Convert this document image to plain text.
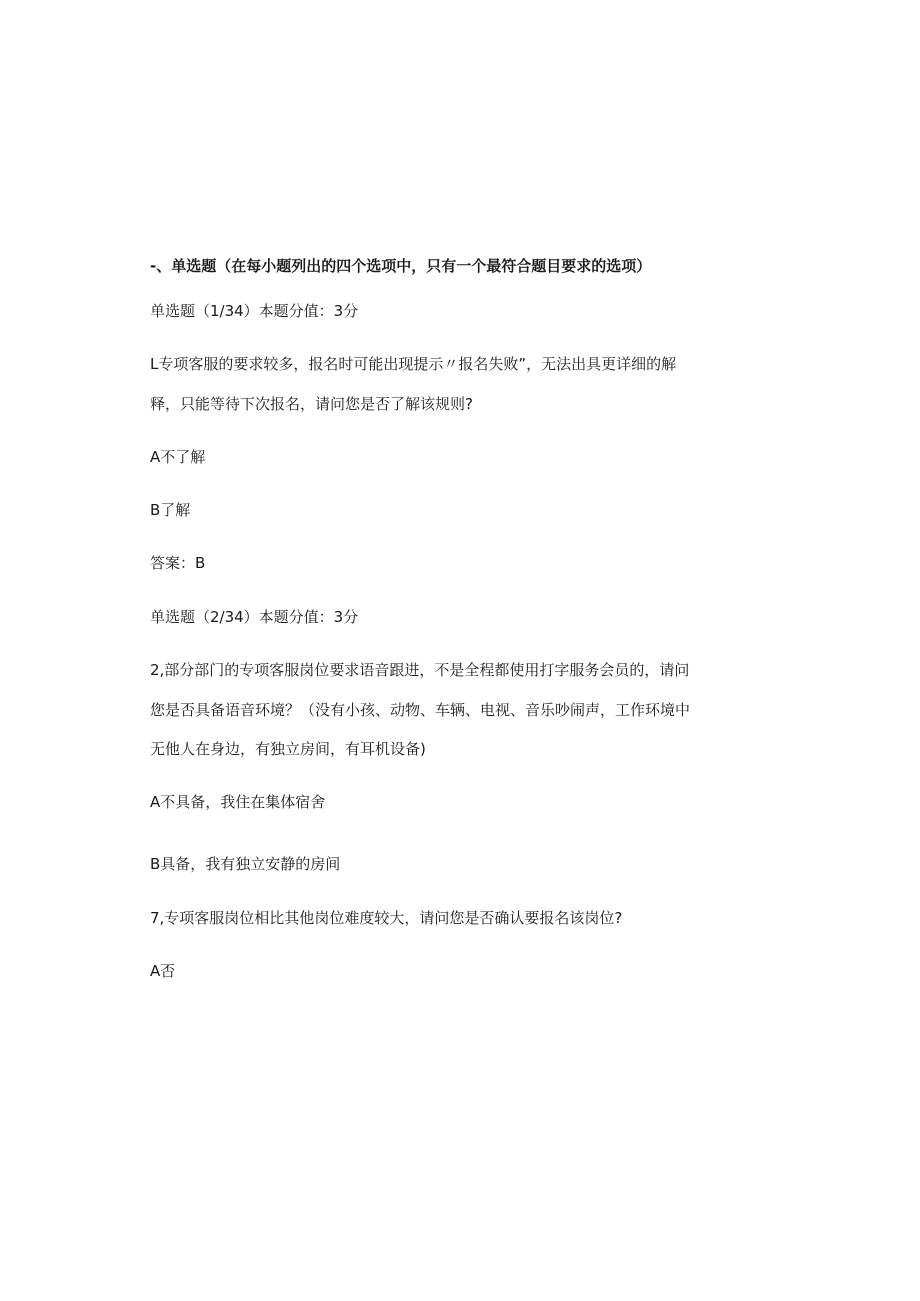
-、单选题（在每小题列出的四个选项中，只有一个最符合题目要求的选项）

单选题（1/34）本题分值：3分

L专项客服的要求较多，报名时可能出现提示〃报名失败”，无法出具更详细的解

释，只能等待下次报名，请问您是否了解该规则?

A不了解

B了解

答案：B

单选题（2/34）本题分值：3分

2,部分部门的专项客服岗位要求语音跟进，不是全程都使用打字服务会员的，请问

您是否具备语音环境？（没有小孩、动物、车辆、电视、音乐吵闹声，工作环境中

无他人在身边，有独立房间，有耳机设备)

A不具备，我住在集体宿舍

B具备，我有独立安静的房间

7,专项客服岗位相比其他岗位难度较大，请问您是否确认要报名该岗位?

A否
